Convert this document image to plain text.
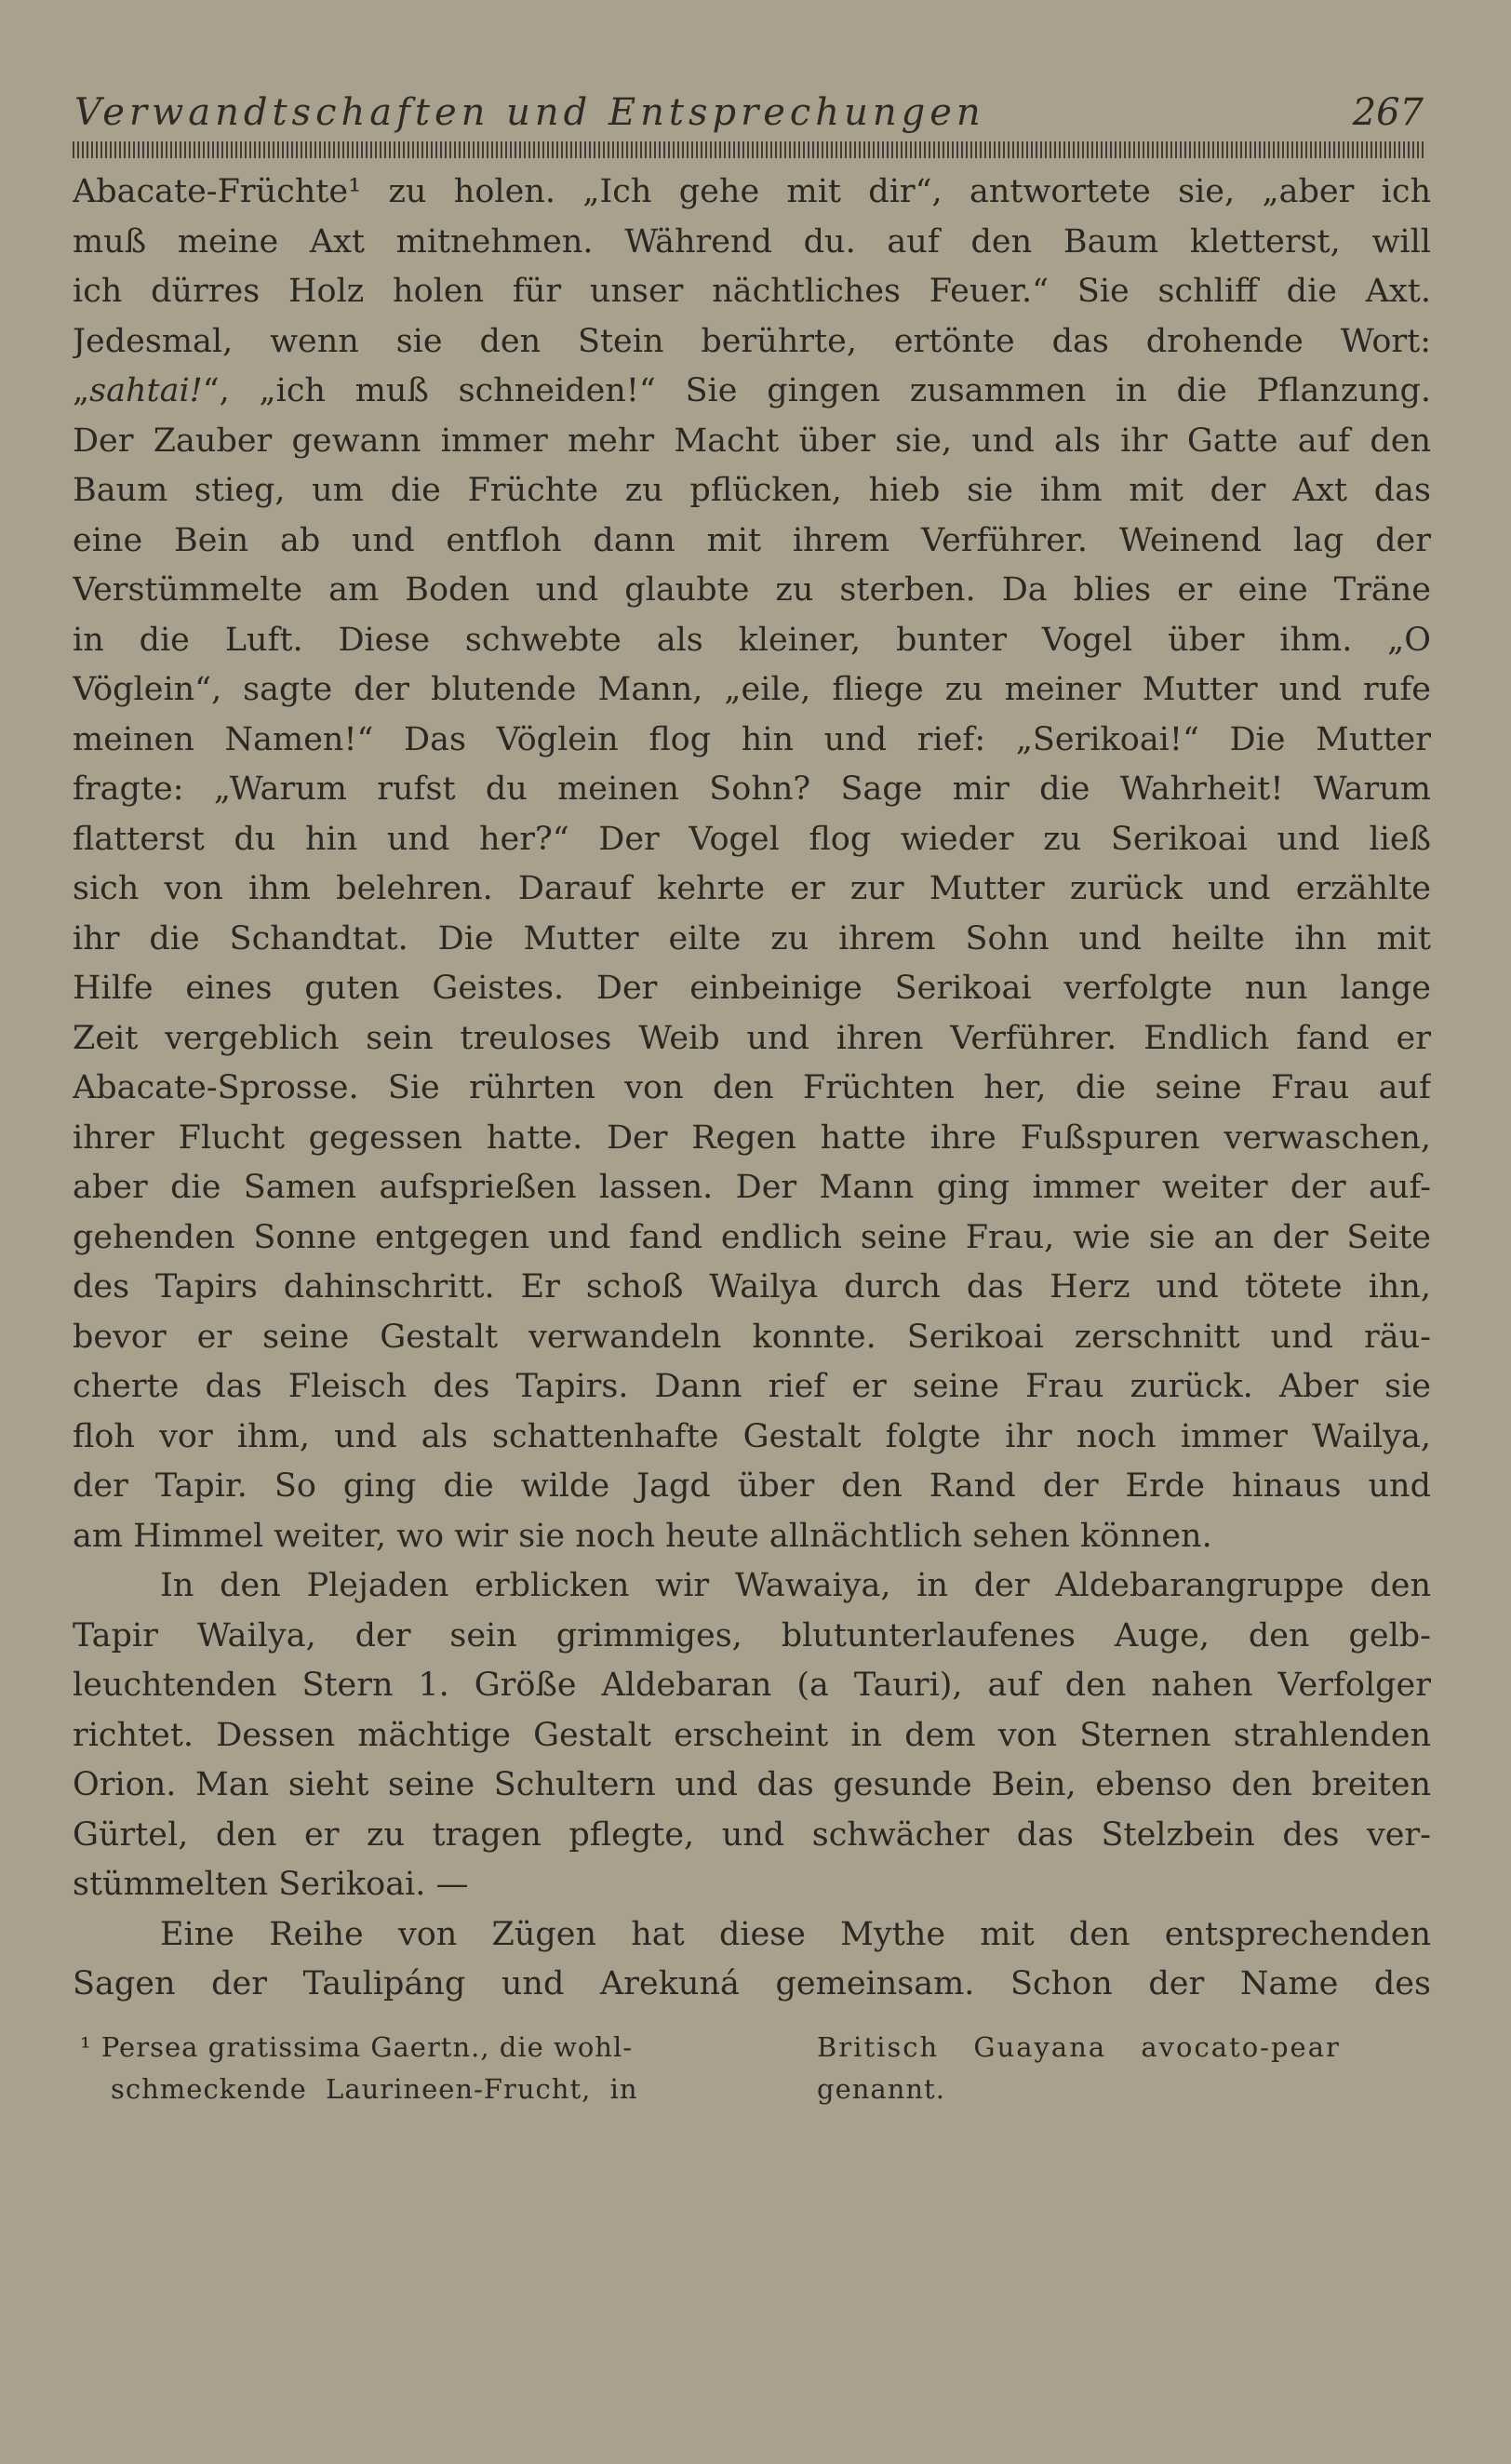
Verwandtschaften und Entsprechungen	267
Abacate-Früchte¹ zu holen. „Ich gehe mit dir“, antwortete sie, „aber ich
muß meine Axt mitnehmen. Während du. auf den Baum kletterst, will
ich dürres Holz holen für unser nächtliches Feuer.“ Sie schliff die Axt.
Jedesmal, wenn sie den Stein berührte, ertönte das drohende Wort:
„sahtai!“, „ich muß schneiden!“ Sie gingen zusammen in die Pflanzung.
Der Zauber gewann immer mehr Macht über sie, und als ihr Gatte auf den
Baum stieg, um die Früchte zu pflücken, hieb sie ihm mit der Axt das
eine Bein ab und entfloh dann mit ihrem Verführer. Weinend lag der
Verstümmelte am Boden und glaubte zu sterben. Da blies er eine Träne
in die Luft. Diese schwebte als kleiner, bunter Vogel über ihm. „O
Vöglein“, sagte der blutende Mann, „eile, fliege zu meiner Mutter und rufe
meinen Namen!“ Das Vöglein flog hin und rief: „Serikoai!“ Die Mutter
fragte: „Warum rufst du meinen Sohn? Sage mir die Wahrheit! Warum
flatterst du hin und her?“ Der Vogel flog wieder zu Serikoai und ließ
sich von ihm belehren. Darauf kehrte er zur Mutter zurück und erzählte
ihr die Schandtat. Die Mutter eilte zu ihrem Sohn und heilte ihn mit
Hilfe eines guten Geistes. Der einbeinige Serikoai verfolgte nun lange
Zeit vergeblich sein treuloses Weib und ihren Verführer. Endlich fand er
Abacate-Sprosse. Sie rührten von den Früchten her, die seine Frau auf
ihrer Flucht gegessen hatte. Der Regen hatte ihre Fußspuren verwaschen,
aber die Samen aufsprießen lassen. Der Mann ging immer weiter der auf-
gehenden Sonne entgegen und fand endlich seine Frau, wie sie an der Seite
des Tapirs dahinschritt. Er schoß Wailya durch das Herz und tötete ihn,
bevor er seine Gestalt verwandeln konnte. Serikoai zerschnitt und räu-
cherte das Fleisch des Tapirs. Dann rief er seine Frau zurück. Aber sie
floh vor ihm, und als schattenhafte Gestalt folgte ihr noch immer Wailya,
der Tapir. So ging die wilde Jagd über den Rand der Erde hinaus und
am Himmel weiter, wo wir sie noch heute allnächtlich sehen können.
In den Plejaden erblicken wir Wawaiya, in der Aldebarangruppe den
Tapir Wailya, der sein grimmiges, blutunterlaufenes Auge, den gelb-
leuchtenden Stern 1. Größe Aldebaran (a Tauri), auf den nahen Verfolger
richtet. Dessen mächtige Gestalt erscheint in dem von Sternen strahlenden
Orion. Man sieht seine Schultern und das gesunde Bein, ebenso den breiten
Gürtel, den er zu tragen pflegte, und schwächer das Stelzbein des ver-
stümmelten Serikoai. —
Eine Reihe von Zügen hat diese Mythe mit den entsprechenden
Sagen der Taulipáng und Arekuná gemeinsam. Schon der Name des
¹ Persea gratissima Gaertn., die wohl-
schmeckende Laurineen-Frucht, in
Britisch Guayana avocato-pear
genannt.
